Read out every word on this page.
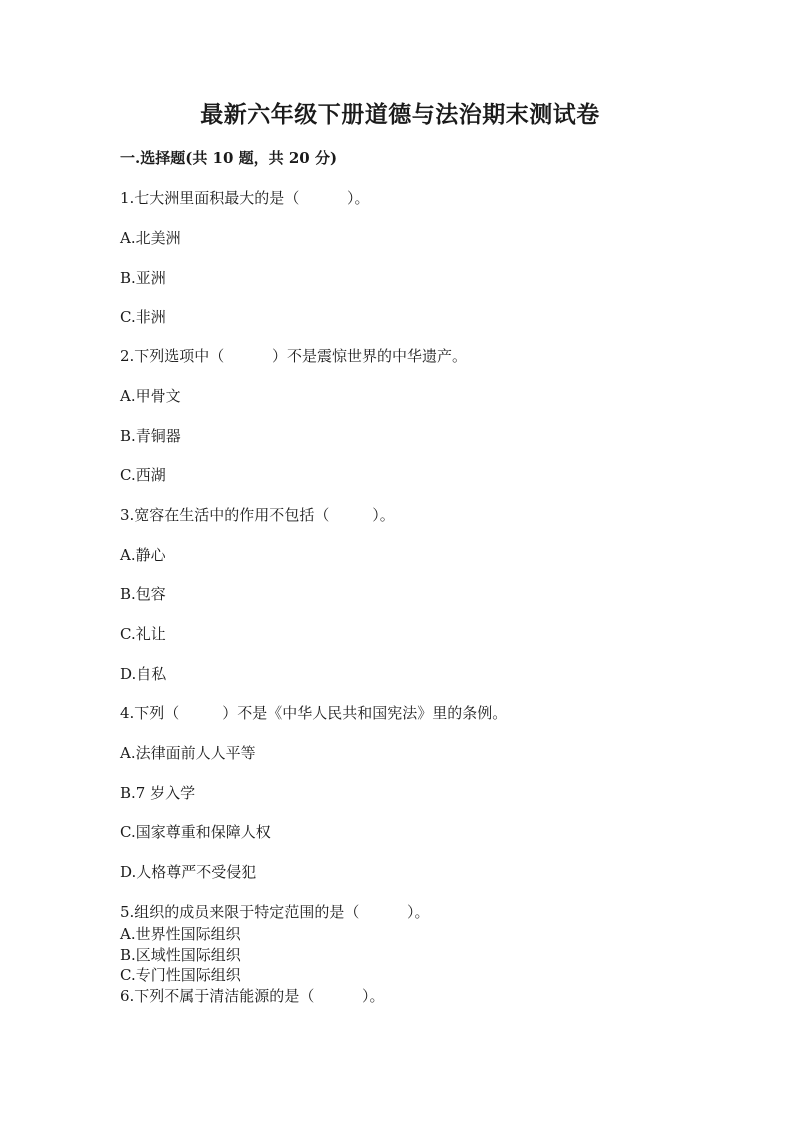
最新六年级下册道德与法治期末测试卷
一.选择题(共 10 题，共 20 分)
1.七大洲里面积最大的是（          ）。
A.北美洲
B.亚洲
C.非洲
2.下列选项中（          ）不是震惊世界的中华遗产。
A.甲骨文
B.青铜器
C.西湖
3.宽容在生活中的作用不包括（         ）。
A.静心
B.包容
C.礼让
D.自私
4.下列（         ）不是《中华人民共和国宪法》里的条例。
A.法律面前人人平等
B.7 岁入学
C.国家尊重和保障人权
D.人格尊严不受侵犯
5.组织的成员来限于特定范围的是（          ）。
A.世界性国际组织
B.区域性国际组织
C.专门性国际组织
6.下列不属于清洁能源的是（          ）。
